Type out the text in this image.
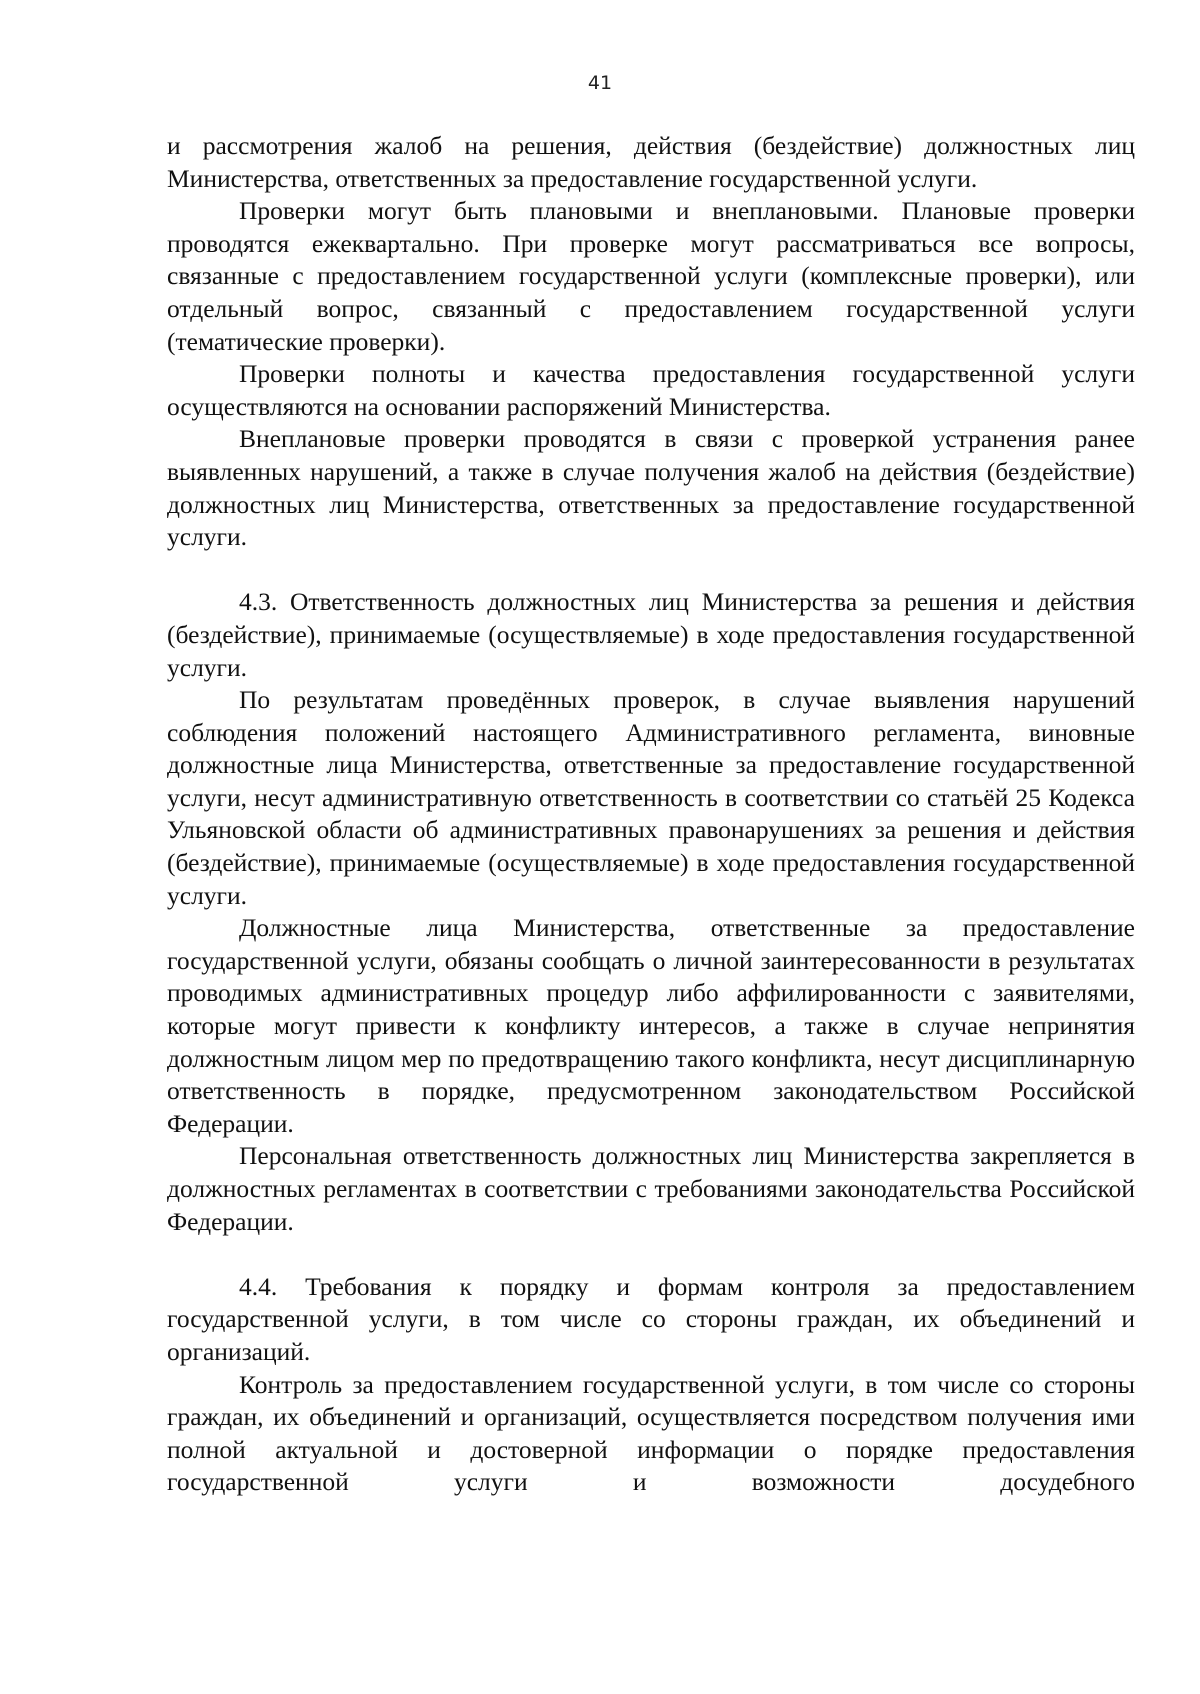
41

и рассмотрения жалоб на решения, действия (бездействие) должностных лиц Министерства, ответственных за предоставление государственной услуги.

Проверки могут быть плановыми и внеплановыми. Плановые проверки проводятся ежеквартально. При проверке могут рассматриваться все вопросы, связанные с предоставлением государственной услуги (комплексные проверки), или отдельный вопрос, связанный с предоставлением государственной услуги (тематические проверки).

Проверки полноты и качества предоставления государственной услуги осуществляются на основании распоряжений Министерства.

Внеплановые проверки проводятся в связи с проверкой устранения ранее выявленных нарушений, а также в случае получения жалоб на действия (бездействие) должностных лиц Министерства, ответственных за предоставление государственной услуги.

4.3. Ответственность должностных лиц Министерства за решения и действия (бездействие), принимаемые (осуществляемые) в ходе предоставления государственной услуги.

По результатам проведённых проверок, в случае выявления нарушений соблюдения положений настоящего Административного регламента, виновные должностные лица Министерства, ответственные за предоставление государственной услуги, несут административную ответственность в соответствии со статьёй 25 Кодекса Ульяновской области об административных правонарушениях за решения и действия (бездействие), принимаемые (осуществляемые) в ходе предоставления государственной услуги.

Должностные лица Министерства, ответственные за предоставление государственной услуги, обязаны сообщать о личной заинтересованности в результатах проводимых административных процедур либо аффилированности с заявителями, которые могут привести к конфликту интересов, а также в случае непринятия должностным лицом мер по предотвращению такого конфликта, несут дисциплинарную ответственность в порядке, предусмотренном законодательством Российской Федерации.

Персональная ответственность должностных лиц Министерства закрепляется в должностных регламентах в соответствии с требованиями законодательства Российской Федерации.

4.4. Требования к порядку и формам контроля за предоставлением государственной услуги, в том числе со стороны граждан, их объединений и организаций.

Контроль за предоставлением государственной услуги, в том числе со стороны граждан, их объединений и организаций, осуществляется посредством получения ими полной актуальной и достоверной информации о порядке предоставления государственной услуги и возможности досудебного
